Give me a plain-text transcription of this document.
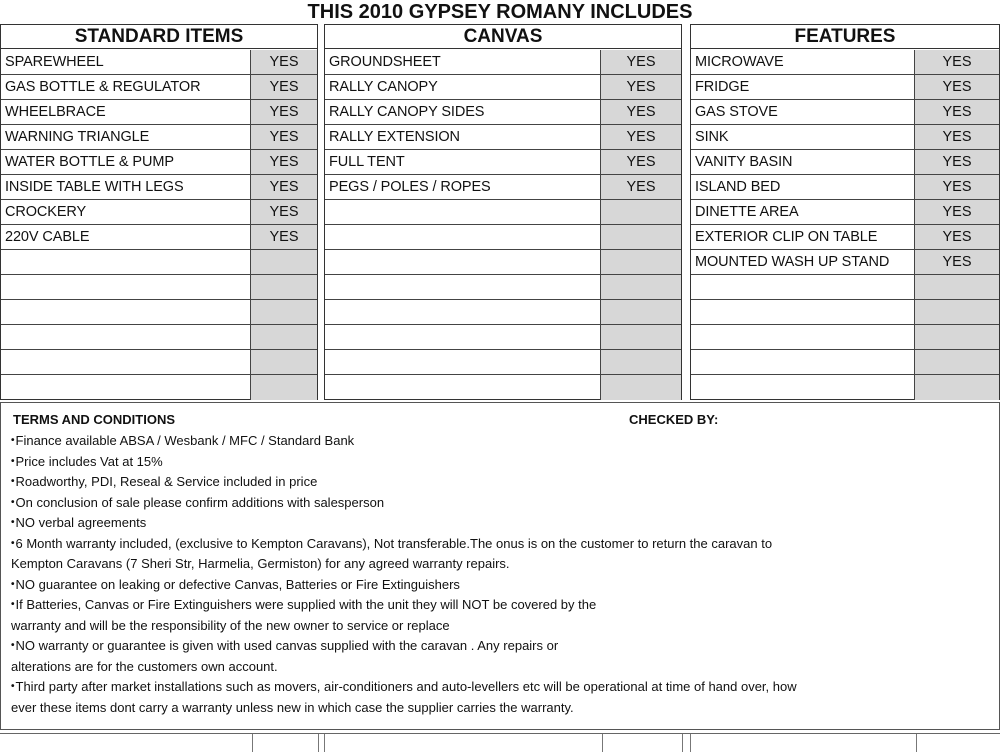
THIS 2010 GYPSEY ROMANY INCLUDES
STANDARD ITEMS
SPAREWHEEL	YES
GAS BOTTLE & REGULATOR	YES
WHEELBRACE	YES
WARNING TRIANGLE	YES
WATER BOTTLE & PUMP	YES
INSIDE TABLE WITH LEGS	YES
CROCKERY	YES
220V CABLE	YES
CANVAS
GROUNDSHEET	YES
RALLY CANOPY	YES
RALLY CANOPY SIDES	YES
RALLY EXTENSION	YES
FULL TENT	YES
PEGS / POLES / ROPES	YES
FEATURES
MICROWAVE	YES
FRIDGE	YES
GAS STOVE	YES
SINK	YES
VANITY BASIN	YES
ISLAND BED	YES
DINETTE AREA	YES
EXTERIOR CLIP ON TABLE	YES
MOUNTED WASH UP STAND	YES
TERMS AND CONDITIONS	CHECKED BY:
•Finance available ABSA / Wesbank / MFC / Standard Bank
•Price includes Vat at 15%
•Roadworthy, PDI, Reseal & Service included in price
•On conclusion of sale please confirm additions with salesperson
•NO verbal agreements
•6 Month warranty included, (exclusive to Kempton Caravans), Not transferable.The onus is on the customer to return the caravan to
Kempton Caravans (7 Sheri Str, Harmelia, Germiston) for any agreed warranty repairs.
•NO guarantee on leaking or defective Canvas, Batteries or Fire Extinguishers
•If Batteries, Canvas or Fire Extinguishers were supplied with the unit they will NOT be covered by the
warranty and will be the responsibility of the new owner to service or replace
•NO warranty or guarantee is given with used canvas supplied with the caravan . Any repairs or
alterations are for the customers own account.
•Third party after market installations such as movers, air-conditioners and auto-levellers etc will be operational at time of hand over, how
ever these items dont carry a warranty unless new in which case the supplier carries the warranty.
